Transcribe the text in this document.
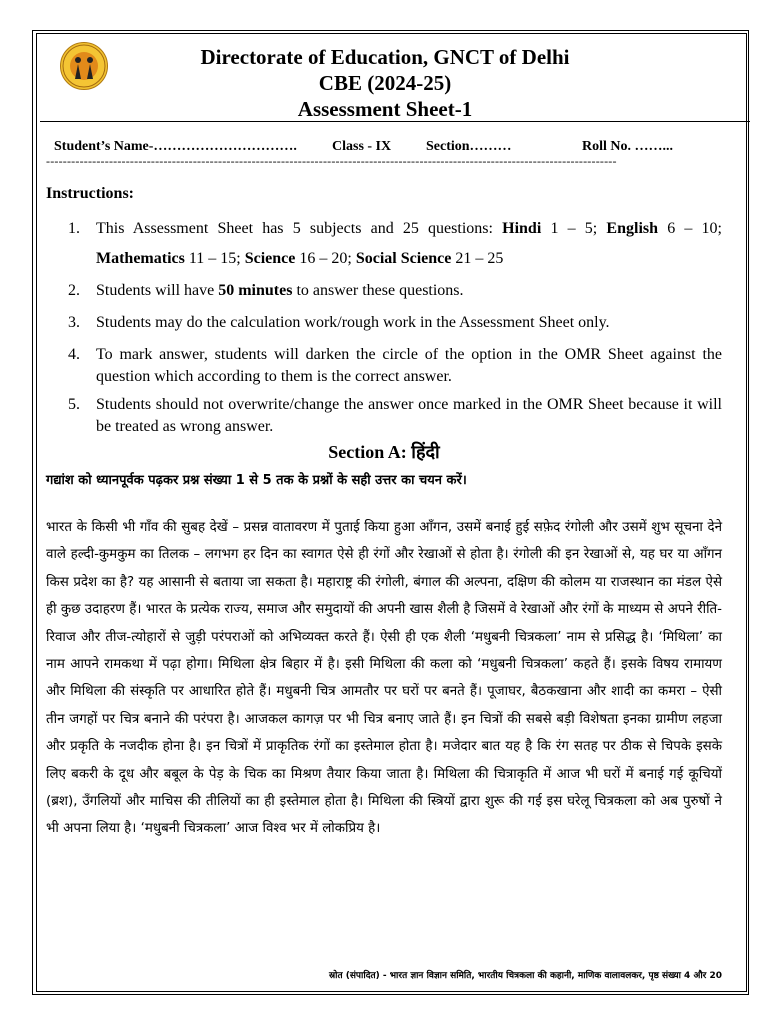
Directorate of Education, GNCT of Delhi
CBE (2024-25)
Assessment Sheet-1
Student’s Name-………………………….	Class - IX Section………	Roll No. ……...
----------------------------------------------------------------------------------------------------------------------------------------
Instructions:
1. This Assessment Sheet has 5 subjects and 25 questions: Hindi 1 – 5; English 6 – 10; Mathematics 11 – 15; Science 16 – 20; Social Science 21 – 25
2. Students will have 50 minutes to answer these questions.
3. Students may do the calculation work/rough work in the Assessment Sheet only.
4. To mark answer, students will darken the circle of the option in the OMR Sheet against the question which according to them is the correct answer.
5. Students should not overwrite/change the answer once marked in the OMR Sheet because it will be treated as wrong answer.
Section A: हिंदी
गद्यांश को ध्यानपूर्वक पढ़कर प्रश्न संख्या 1 से 5 तक के प्रश्नों के सही उत्तर का चयन करें।
भारत के किसी भी गाँव की सुबह देखें – प्रसन्न वातावरण में पुताई किया हुआ आँगन, उसमें बनाई हुई सफ़ेद रंगोली और उसमें शुभ सूचना देने वाले हल्दी-कुमकुम का तिलक – लगभग हर दिन का स्वागत ऐसे ही रंगों और रेखाओं से होता है। रंगोली की इन रेखाओं से, यह घर या आँगन किस प्रदेश का है? यह आसानी से बताया जा सकता है। महाराष्ट्र की रंगोली, बंगाल की अल्पना, दक्षिण की कोलम या राजस्थान का मंडल ऐसे ही कुछ उदाहरण हैं। भारत के प्रत्येक राज्य, समाज और समुदायों की अपनी खास शैली है जिसमें वे रेखाओं और रंगों के माध्यम से अपने रीति-रिवाज और तीज-त्योहारों से जुड़ी परंपराओं को अभिव्यक्त करते हैं। ऐसी ही एक शैली ‘मधुबनी चित्रकला’ नाम से प्रसिद्ध है। ‘मिथिला’ का नाम आपने रामकथा में पढ़ा होगा। मिथिला क्षेत्र बिहार में है। इसी मिथिला की कला को ‘मधुबनी चित्रकला’ कहते हैं। इसके विषय रामायण और मिथिला की संस्कृति पर आधारित होते हैं। मधुबनी चित्र आमतौर पर घरों पर बनते हैं। पूजाघर, बैठकखाना और शादी का कमरा – ऐसी तीन जगहों पर चित्र बनाने की परंपरा है। आजकल कागज़ पर भी चित्र बनाए जाते हैं। इन चित्रों की सबसे बड़ी विशेषता इनका ग्रामीण लहजा और प्रकृति के नजदीक होना है। इन चित्रों में प्राकृतिक रंगों का इस्तेमाल होता है। मजेदार बात यह है कि रंग सतह पर ठीक से चिपके इसके लिए बकरी के दूध और बबूल के पेड़ के चिक का मिश्रण तैयार किया जाता है। मिथिला की चित्राकृति में आज भी घरों में बनाई गई कूचियों (ब्रश), उँगलियों और माचिस की तीलियों का ही इस्तेमाल होता है। मिथिला की स्त्रियों द्वारा शुरू की गई इस घरेलू चित्रकला को अब पुरुषों ने भी अपना लिया है। ‘मधुबनी चित्रकला’ आज विश्व भर में लोकप्रिय है।
स्रोत (संपादित) - भारत ज्ञान विज्ञान समिति, भारतीय चित्रकला की कहानी, माणिक वालावलकर, पृष्ठ संख्या 4 और 20
